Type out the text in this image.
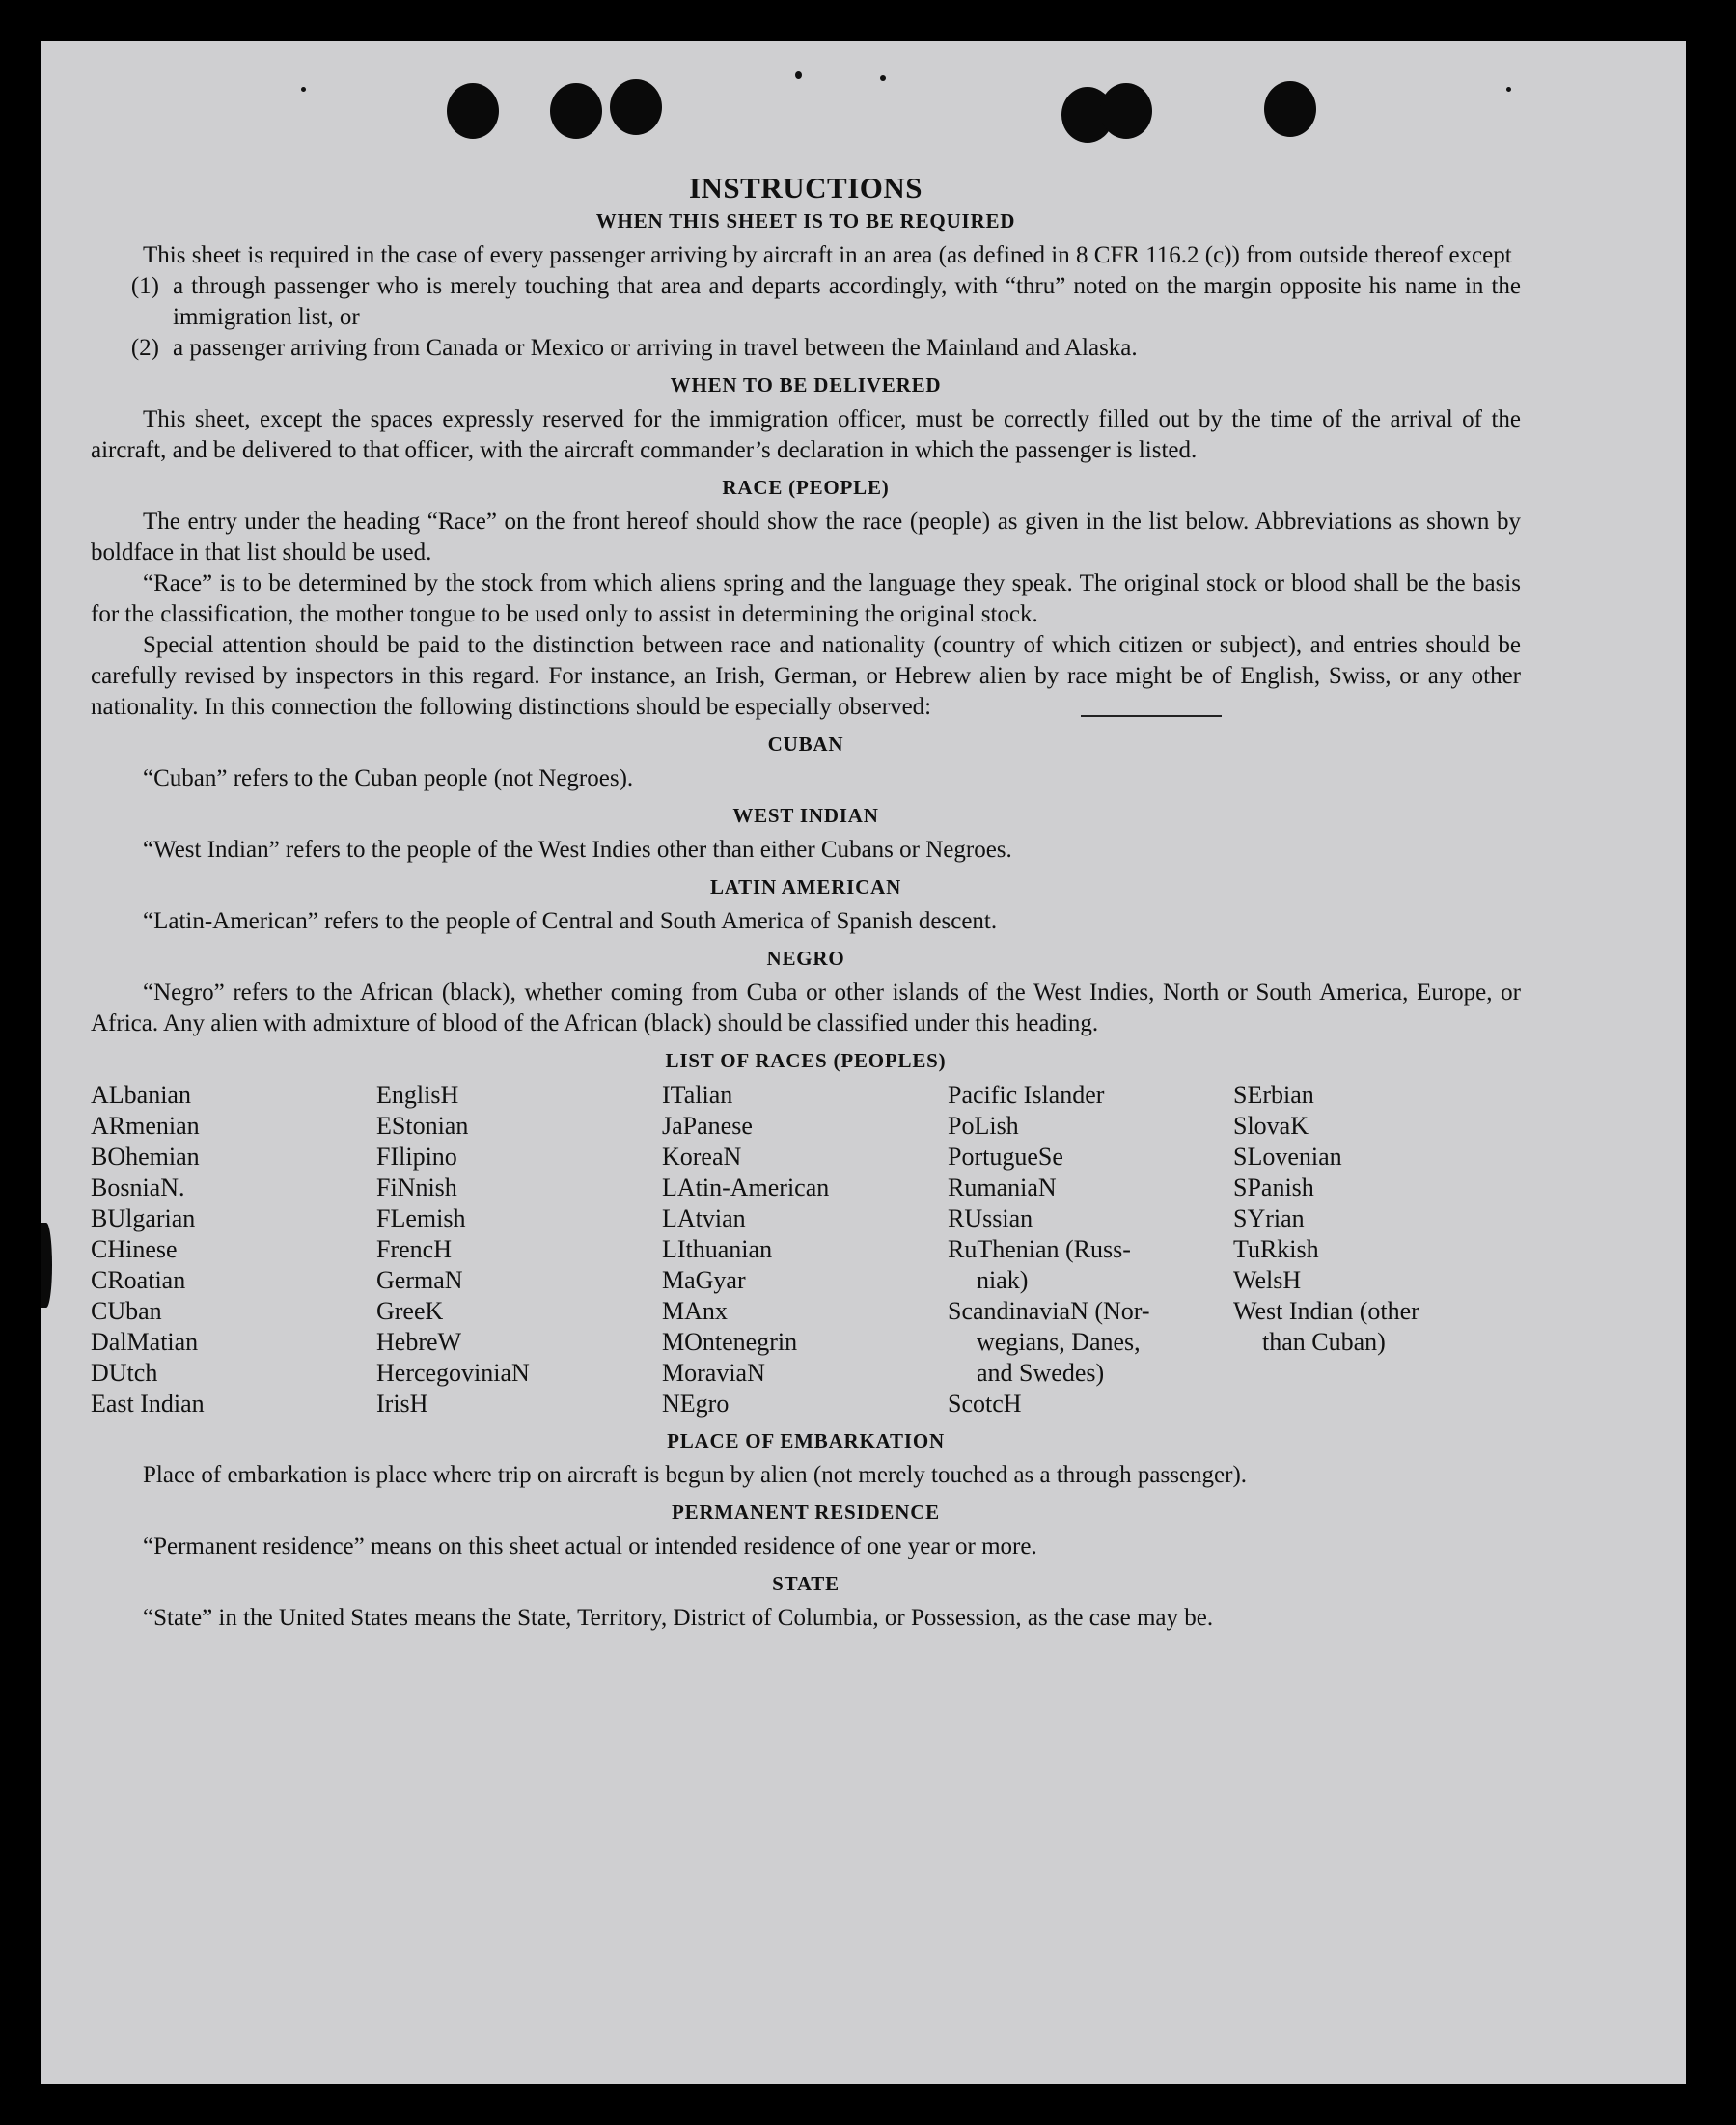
INSTRUCTIONS
WHEN THIS SHEET IS TO BE REQUIRED

This sheet is required in the case of every passenger arriving by aircraft in an area (as defined in 8 CFR 116.2 (c)) from outside thereof except

(1) a through passenger who is merely touching that area and departs accordingly, with “thru” noted on the margin opposite his name in the immigration list, or
(2) a passenger arriving from Canada or Mexico or arriving in travel between the Mainland and Alaska.
WHEN TO BE DELIVERED

This sheet, except the spaces expressly reserved for the immigration officer, must be correctly filled out by the time of the arrival of the aircraft, and be delivered to that officer, with the aircraft commander’s declaration in which the passenger is listed.

RACE (PEOPLE)

The entry under the heading “Race” on the front hereof should show the race (people) as given in the list below. Abbreviations as shown by boldface in that list should be used.

“Race” is to be determined by the stock from which aliens spring and the language they speak. The original stock or blood shall be the basis for the classification, the mother tongue to be used only to assist in determining the original stock.

Special attention should be paid to the distinction between race and nationality (country of which citizen or subject), and entries should be carefully revised by inspectors in this regard. For instance, an Irish, German, or Hebrew alien by race might be of English, Swiss, or any other nationality. In this connection the following distinctions should be especially observed:

CUBAN

“Cuban” refers to the Cuban people (not Negroes).

WEST INDIAN

“West Indian” refers to the people of the West Indies other than either Cubans or Negroes.

LATIN AMERICAN

“Latin-American” refers to the people of Central and South America of Spanish descent.

NEGRO

“Negro” refers to the African (black), whether coming from Cuba or other islands of the West Indies, North or South America, Europe, or Africa. Any alien with admixture of blood of the African (black) should be classified under this heading.

LIST OF RACES (PEOPLES)
ALbanian
ARmenian
BOhemian
BosniaN.
BUlgarian
CHinese
CRoatian
CUban
DalMatian
DUtch
East Indian
EnglisH
EStonian
FIlipino
FiNnish
FLemish
FrencH
GermaN
GreeK
HebreW
HercegoviniaN
IrisH
ITalian
JaPanese
KoreaN
LAtin-American
LAtvian
LIthuanian
MaGyar
MAnx
MOntenegrin
MoraviaN
NEgro
Pacific Islander
PoLish
PortugueSe
RumaniaN
RUssian
RuThenian (Russ-
niak)
ScandinaviaN (Nor-
wegians, Danes,
and Swedes)
ScotcH
SErbian
SlovaK
SLovenian
SPanish
SYrian
TuRkish
WelsH
West Indian (other
than Cuban)
PLACE OF EMBARKATION

Place of embarkation is place where trip on aircraft is begun by alien (not merely touched as a through passenger).

PERMANENT RESIDENCE

“Permanent residence” means on this sheet actual or intended residence of one year or more.

STATE

“State” in the United States means the State, Territory, District of Columbia, or Possession, as the case may be.
